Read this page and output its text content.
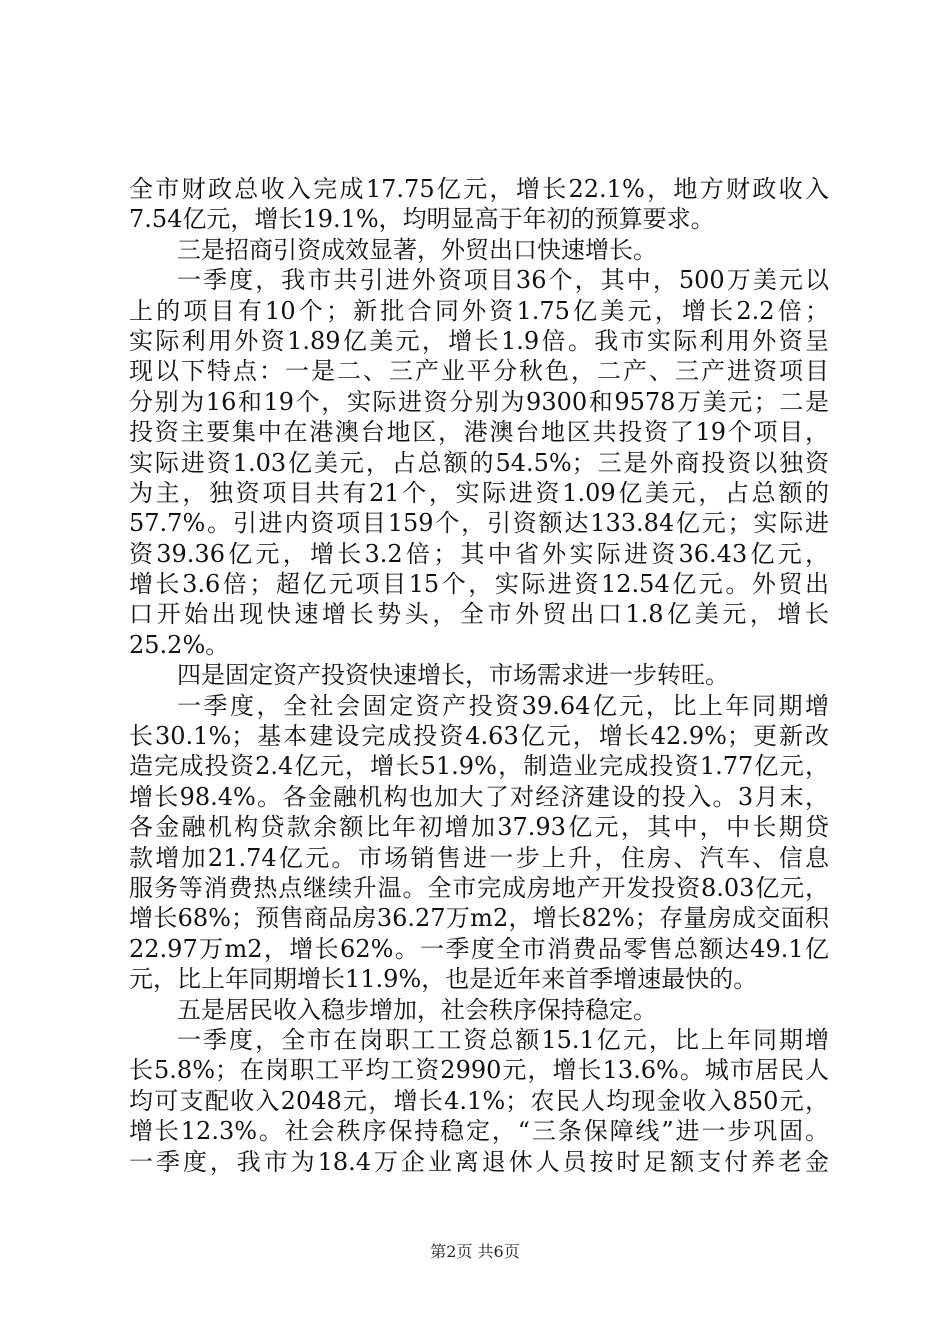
全市财政总收入完成17.75亿元，增长22.1%，地方财政收入
7.54亿元，增长19.1%，均明显高于年初的预算要求。
三是招商引资成效显著，外贸出口快速增长。
一季度，我市共引进外资项目36个，其中，500万美元以
上的项目有10个；新批合同外资1.75亿美元，增长2.2倍；
实际利用外资1.89亿美元，增长1.9倍。我市实际利用外资呈
现以下特点：一是二、三产业平分秋色，二产、三产进资项目
分别为16和19个，实际进资分别为9300和9578万美元；二是
投资主要集中在港澳台地区，港澳台地区共投资了19个项目，
实际进资1.03亿美元，占总额的54.5%；三是外商投资以独资
为主，独资项目共有21个，实际进资1.09亿美元，占总额的
57.7%。引进内资项目159个，引资额达133.84亿元；实际进
资39.36亿元，增长3.2倍；其中省外实际进资36.43亿元，
增长3.6倍；超亿元项目15个，实际进资12.54亿元。外贸出
口开始出现快速增长势头，全市外贸出口1.8亿美元，增长
25.2%。
四是固定资产投资快速增长，市场需求进一步转旺。
一季度，全社会固定资产投资39.64亿元，比上年同期增
长30.1%；基本建设完成投资4.63亿元，增长42.9%；更新改
造完成投资2.4亿元，增长51.9%，制造业完成投资1.77亿元，
增长98.4%。各金融机构也加大了对经济建设的投入。3月末，
各金融机构贷款余额比年初增加37.93亿元，其中，中长期贷
款增加21.74亿元。市场销售进一步上升，住房、汽车、信息
服务等消费热点继续升温。全市完成房地产开发投资8.03亿元，
增长68%；预售商品房36.27万m2，增长82%；存量房成交面积
22.97万m2，增长62%。一季度全市消费品零售总额达49.1亿
元，比上年同期增长11.9%，也是近年来首季增速最快的。
五是居民收入稳步增加，社会秩序保持稳定。
一季度，全市在岗职工工资总额15.1亿元，比上年同期增
长5.8%；在岗职工平均工资2990元，增长13.6%。城市居民人
均可支配收入2048元，增长4.1%；农民人均现金收入850元，
增长12.3%。社会秩序保持稳定，“三条保障线”进一步巩固。
一季度，我市为18.4万企业离退休人员按时足额支付养老金
第2页 共6页
